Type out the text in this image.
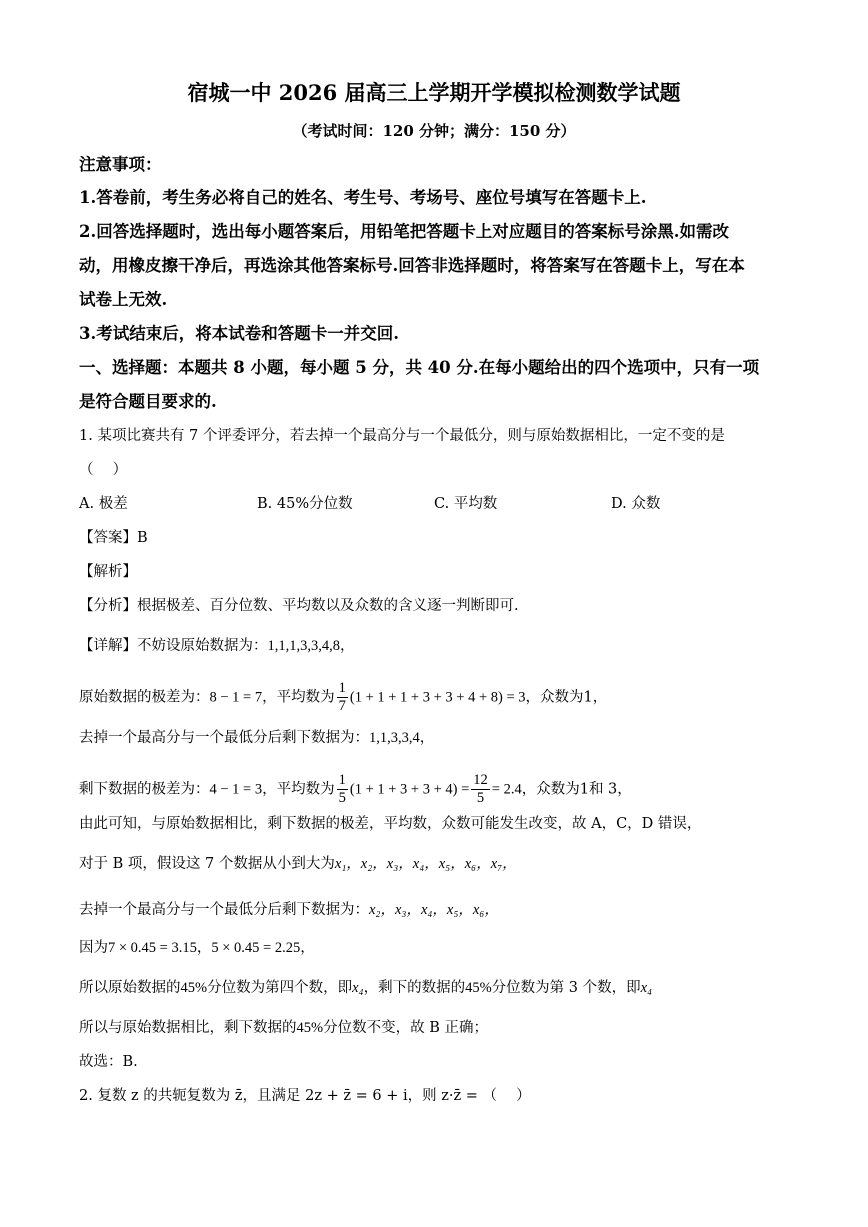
宿城一中 2026 届高三上学期开学模拟检测数学试题
（考试时间：120 分钟；满分：150 分）
注意事项：
1.答卷前，考生务必将自己的姓名、考生号、考场号、座位号填写在答题卡上.
2.回答选择题时，选出每小题答案后，用铅笔把答题卡上对应题目的答案标号涂黑.如需改
动，用橡皮擦干净后，再选涂其他答案标号.回答非选择题时，将答案写在答题卡上，写在本
试卷上无效.
3.考试结束后，将本试卷和答题卡一并交回.
一、选择题：本题共 8 小题，每小题 5 分，共 40 分.在每小题给出的四个选项中，只有一项
是符合题目要求的.
1. 某项比赛共有 7 个评委评分，若去掉一个最高分与一个最低分，则与原始数据相比，一定不变的是
（　 ）
A. 极差	B. 45%分位数	C. 平均数	D. 众数
【答案】B
【解析】
【分析】根据极差、百分位数、平均数以及众数的含义逐一判断即可.
【详解】不妨设原始数据为：1,1,1,3,3,4,8，
原始数据的极差为：8 − 1 = 7，平均数为 $\frac{1}{7} (1 + 1 + 1 + 3 + 3 + 4 + 8) = 3$，众数为1，
去掉一个最高分与一个最低分后剩下数据为：1,1,3,3,4，
剩下数据的极差为：4 − 1 = 3，平均数为 $\frac{1}{5} (1 + 1 + 3 + 3 + 4) = \frac{12}{5} = 2.4$，众数为1和 3，
由此可知，与原始数据相比，剩下数据的极差，平均数，众数可能发生改变，故 A，C，D 错误，
对于 B 项，假设这 7 个数据从小到大为x₁，x₂，x₃，x₄，x₅，x₆，x₇，
去掉一个最高分与一个最低分后剩下数据为：x₂，x₃，x₄，x₅，x₆，
因为7 × 0.45 = 3.15，5 × 0.45 = 2.25，
所以原始数据的45%分位数为第四个数，即x₄，剩下的数据的45%分位数为第 3 个数，即x₄
所以与原始数据相比，剩下数据的45%分位数不变，故 B 正确；
故选：B.
2. 复数 z 的共轭复数为 z̄，且满足 2z + z̄ = 6 + i，则 z·z̄ = （　 ）
